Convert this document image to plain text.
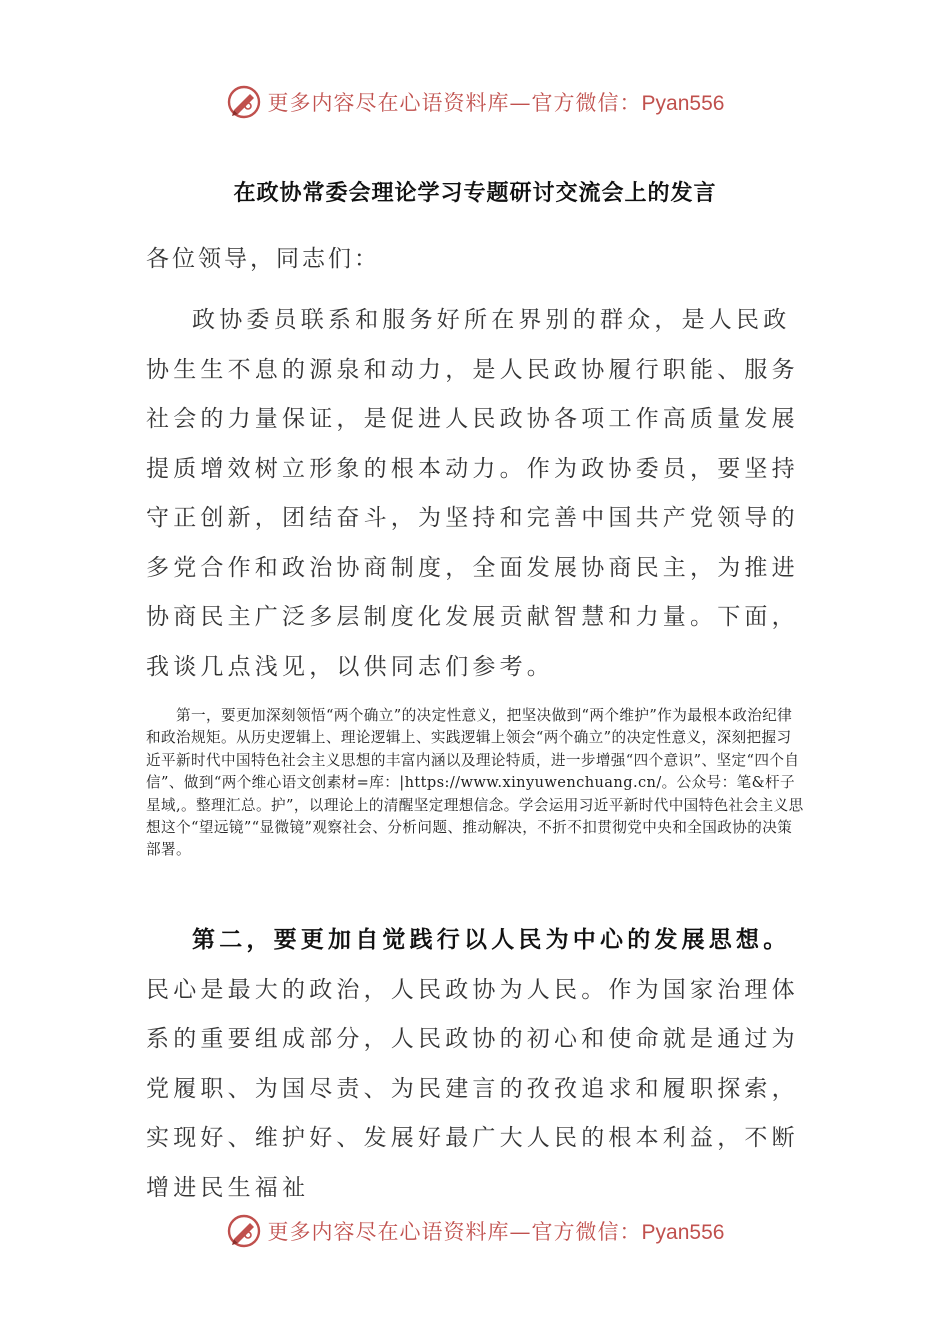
更多内容尽在心语资料库—官方微信：Pyan556
在政协常委会理论学习专题研讨交流会上的发言
各位领导，同志们：

政协委员联系和服务好所在界别的群众，是人民政协生生不息的源泉和动力，是人民政协履行职能、服务社会的力量保证，是促进人民政协各项工作高质量发展提质增效树立形象的根本动力。作为政协委员，要坚持守正创新，团结奋斗，为坚持和完善中国共产党领导的多党合作和政治协商制度，全面发展协商民主，为推进协商民主广泛多层制度化发展贡献智慧和力量。下面，我谈几点浅见，以供同志们参考。

第一，要更加深刻领悟“两个确立”的决定性意义，把坚决做到“两个维护”作为最根本政治纪律和政治规矩。从历史逻辑上、理论逻辑上、实践逻辑上领会“两个确立”的决定性意义，深刻把握习近平新时代中国特色社会主义思想的丰富内涵以及理论特质，进一步增强“四个意识”、坚定“四个自信”、做到“两个维心语文创素材=库：|https://www.xinyuwenchuang.cn/。公众号：笔&杆子星域,。整理汇总。护”，以理论上的清醒坚定理想信念。学会运用习近平新时代中国特色社会主义思想这个“望远镜”“显微镜”观察社会、分析问题、推动解决，不折不扣贯彻党中央和全国政协的决策部署。

第二，要更加自觉践行以人民为中心的发展思想。民心是最大的政治，人民政协为人民。作为国家治理体系的重要组成部分，人民政协的初心和使命就是通过为党履职、为国尽责、为民建言的孜孜追求和履职探索，实现好、维护好、发展好最广大人民的根本利益，不断增进民生福祉

更多内容尽在心语资料库—官方微信：Pyan556
